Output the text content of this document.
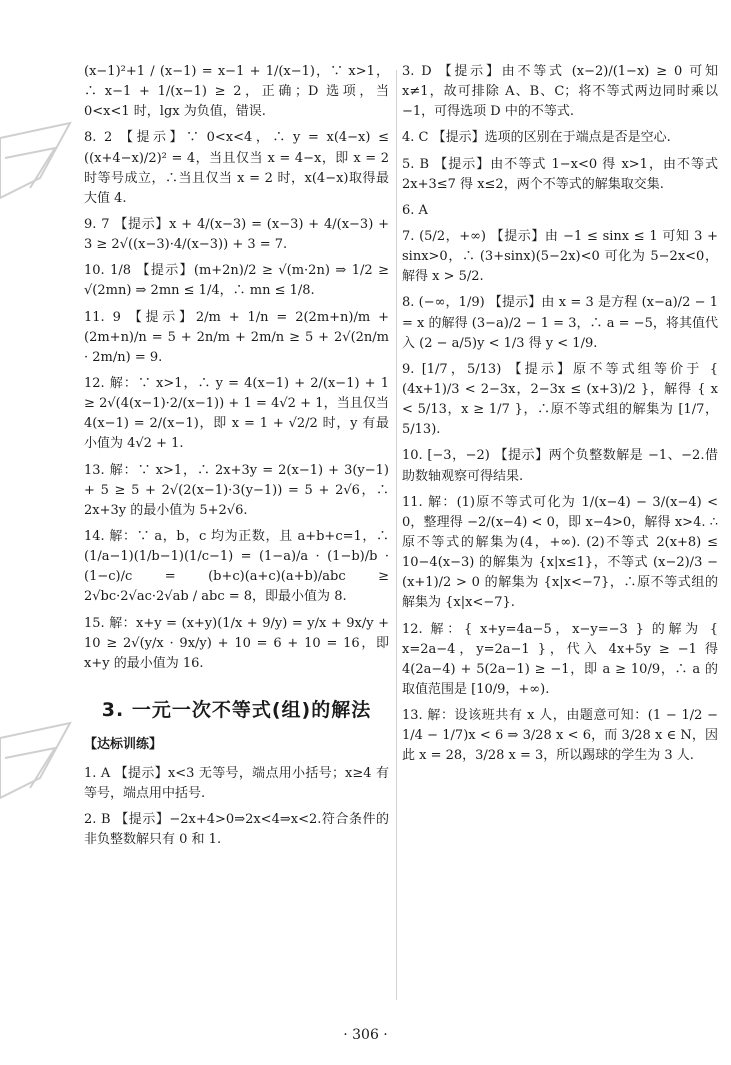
(x−1)²+1 / (x−1) = x−1 + 1/(x−1)，∵ x>1，∴ x−1 + 1/(x−1) ≥ 2，正确；D 选项，当 0<x<1 时，lgx 为负值，错误.

8. 2 【提示】∵ 0<x<4，∴ y = x(4−x) ≤ ((x+4−x)/2)² = 4，当且仅当 x = 4−x，即 x = 2 时等号成立，∴当且仅当 x = 2 时，x(4−x)取得最大值 4.

9. 7 【提示】x + 4/(x−3) = (x−3) + 4/(x−3) + 3 ≥ 2√((x−3)·4/(x−3)) + 3 = 7.

10. 1/8 【提示】(m+2n)/2 ≥ √(m·2n) ⇒ 1/2 ≥ √(2mn) ⇒ 2mn ≤ 1/4，∴ mn ≤ 1/8.

11. 9 【提示】2/m + 1/n = 2(2m+n)/m + (2m+n)/n = 5 + 2n/m + 2m/n ≥ 5 + 2√(2n/m · 2m/n) = 9.

12. 解：∵ x>1，∴ y = 4(x−1) + 2/(x−1) + 1 ≥ 2√(4(x−1)·2/(x−1)) + 1 = 4√2 + 1，当且仅当 4(x−1) = 2/(x−1)，即 x = 1 + √2/2 时，y 有最小值为 4√2 + 1.

13. 解：∵ x>1，∴ 2x+3y = 2(x−1) + 3(y−1) + 5 ≥ 5 + 2√(2(x−1)·3(y−1)) = 5 + 2√6，∴ 2x+3y 的最小值为 5+2√6.

14. 解：∵ a，b，c 均为正数，且 a+b+c=1，∴ (1/a−1)(1/b−1)(1/c−1) = (1−a)/a · (1−b)/b · (1−c)/c = (b+c)(a+c)(a+b)/abc ≥ 2√bc·2√ac·2√ab / abc = 8，即最小值为 8.

15. 解：x+y = (x+y)(1/x + 9/y) = y/x + 9x/y + 10 ≥ 2√(y/x · 9x/y) + 10 = 6 + 10 = 16，即 x+y 的最小值为 16.

3. 一元一次不等式(组)的解法
【达标训练】

1. A 【提示】x<3 无等号，端点用小括号；x≥4 有等号，端点用中括号.

2. B 【提示】−2x+4>0⇒2x<4⇒x<2.符合条件的非负整数解只有 0 和 1.

3. D 【提示】由不等式 (x−2)/(1−x) ≥ 0 可知 x≠1，故可排除 A、B、C；将不等式两边同时乘以 −1，可得选项 D 中的不等式.

4. C 【提示】选项的区别在于端点是否是空心.

5. B 【提示】由不等式 1−x<0 得 x>1，由不等式 2x+3≤7 得 x≤2，两个不等式的解集取交集.

6. A

7. (5/2，+∞) 【提示】由 −1 ≤ sinx ≤ 1 可知 3 + sinx>0，∴ (3+sinx)(5−2x)<0 可化为 5−2x<0，解得 x > 5/2.

8. (−∞，1/9) 【提示】由 x = 3 是方程 (x−a)/2 − 1 = x 的解得 (3−a)/2 − 1 = 3，∴ a = −5，将其值代入 (2 − a/5)y < 1/3 得 y < 1/9.

9. [1/7，5/13) 【提示】原不等式组等价于 { (4x+1)/3 < 2−3x，2−3x ≤ (x+3)/2 }，解得 { x < 5/13，x ≥ 1/7 }，∴原不等式组的解集为 [1/7，5/13).

10. [−3，−2) 【提示】两个负整数解是 −1、−2.借助数轴观察可得结果.

11. 解：(1)原不等式可化为 1/(x−4) − 3/(x−4) < 0，整理得 −2/(x−4) < 0，即 x−4>0，解得 x>4. ∴原不等式的解集为(4，+∞). (2)不等式 2(x+8) ≤ 10−4(x−3) 的解集为 {x|x≤1}，不等式 (x−2)/3 − (x+1)/2 > 0 的解集为 {x|x<−7}，∴原不等式组的解集为 {x|x<−7}.

12. 解：{ x+y=4a−5，x−y=−3 } 的解为 { x=2a−4，y=2a−1 }，代入 4x+5y ≥ −1 得 4(2a−4) + 5(2a−1) ≥ −1，即 a ≥ 10/9，∴ a 的取值范围是 [10/9，+∞).

13. 解：设该班共有 x 人，由题意可知：(1 − 1/2 − 1/4 − 1/7)x < 6 ⇒ 3/28 x < 6，而 3/28 x ∈ N，因此 x = 28，3/28 x = 3，所以踢球的学生为 3 人.

· 306 ·
